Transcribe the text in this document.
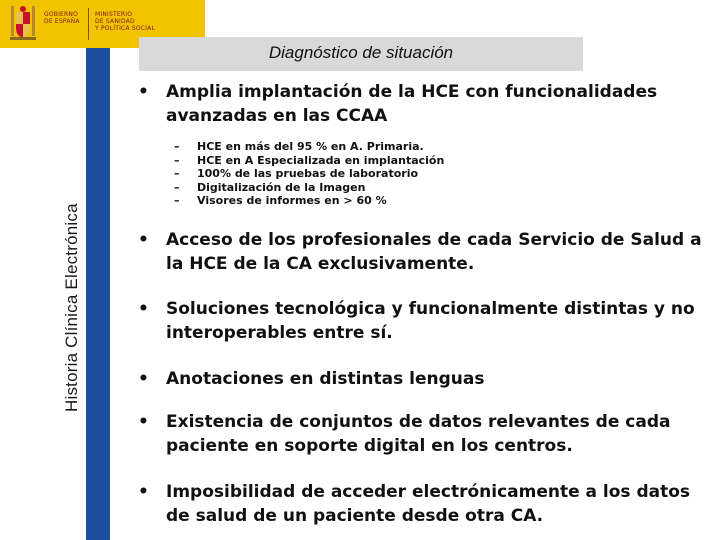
GOBIERNO
DE ESPAÑA
MINISTERIO
DE SANIDAD
Y POLÍTICA SOCIAL
Historia Clínica Electrónica
Diagnóstico de situación
•	Amplia implantación de la HCE con funcionalidades avanzadas en las CCAA
– HCE en más del 95 % en A. Primaria.
– HCE en A Especializada en implantación
– 100% de las pruebas de laboratorio
– Digitalización de la Imagen
– Visores de informes en > 60 %
•	Acceso de los profesionales de cada Servicio de Salud a la HCE de la CA exclusivamente.
•	Soluciones tecnológica y funcionalmente distintas y no interoperables entre sí.
•	Anotaciones en distintas lenguas
•	Existencia de conjuntos de datos relevantes de cada paciente en soporte digital en los centros.
•	Imposibilidad de acceder electrónicamente a los datos de salud de un paciente desde otra CA.
